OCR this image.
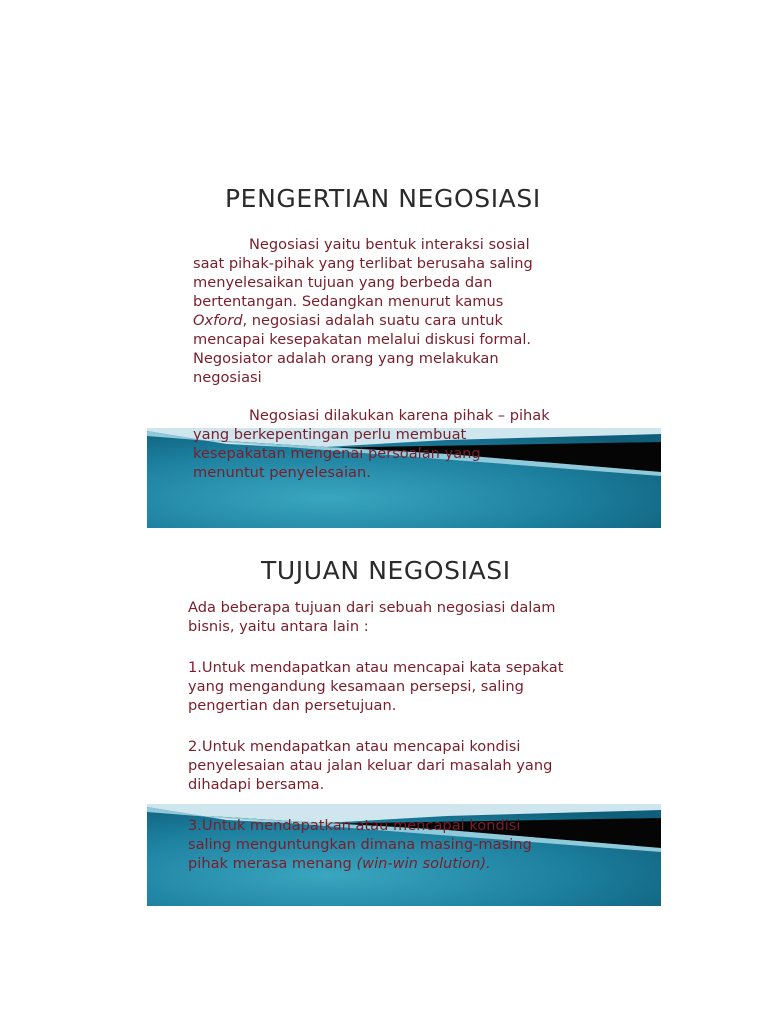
PENGERTIAN NEGOSIASI

Negosiasi yaitu bentuk interaksi sosial

saat pihak-pihak yang terlibat berusaha saling

menyelesaikan tujuan yang berbeda dan

bertentangan. Sedangkan menurut kamus

Oxford, negosiasi adalah suatu cara untuk

mencapai kesepakatan melalui diskusi formal.

Negosiator adalah orang yang melakukan

negosiasi

Negosiasi dilakukan karena pihak – pihak

yang berkepentingan perlu membuat

kesepakatan mengenai persoalan yang

menuntut penyelesaian.

TUJUAN NEGOSIASI

Ada beberapa tujuan dari sebuah negosiasi dalam

bisnis, yaitu antara lain :

1.Untuk mendapatkan atau mencapai kata sepakat

yang mengandung kesamaan persepsi, saling

pengertian dan persetujuan.

2.Untuk mendapatkan atau mencapai kondisi

penyelesaian atau jalan keluar dari masalah yang

dihadapi bersama.

3.Untuk mendapatkan atau mencapai kondisi

saling menguntungkan dimana masing-masing

pihak merasa menang (win-win solution).
